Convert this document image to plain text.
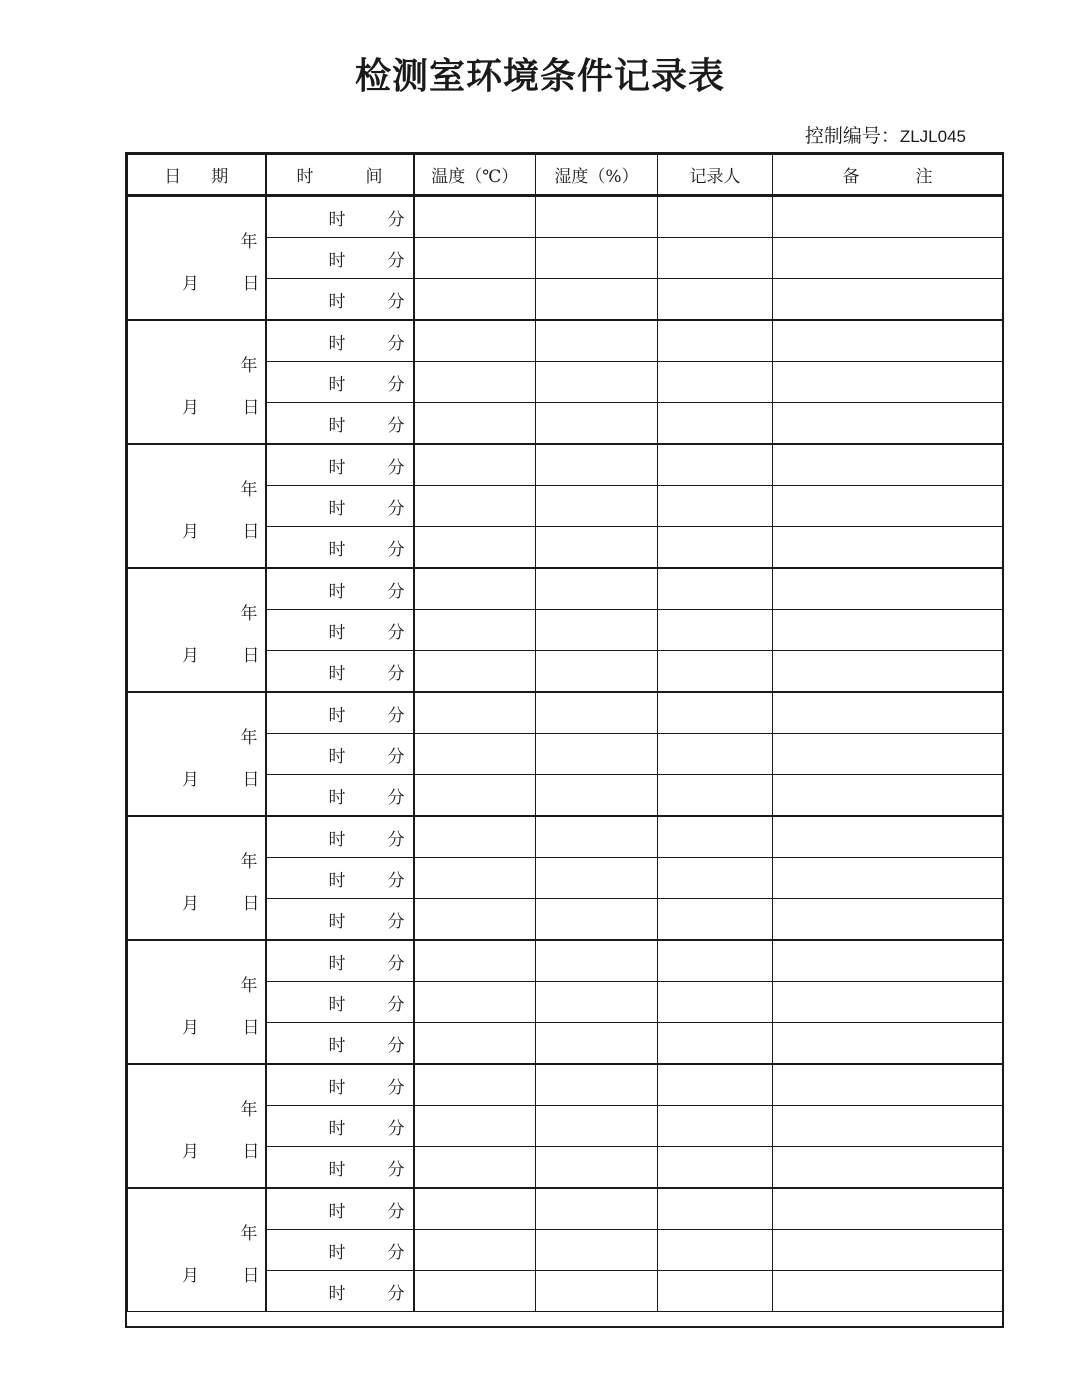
检测室环境条件记录表
控制编号：ZLJL045
日 期	时 间	温度（℃）	湿度（%）	记录人	备 注

年
月 日	时 分				

	时 分				

	时 分				

年
月 日	时 分				

	时 分				

	时 分				

年
月 日	时 分				

	时 分				

	时 分				

年
月 日	时 分				

	时 分				

	时 分				

年
月 日	时 分				

	时 分				

	时 分				

年
月 日	时 分				

	时 分				

	时 分				

年
月 日	时 分				

	时 分				

	时 分				

年
月 日	时 分				

	时 分				

	时 分				

年
月 日	时 分				

	时 分				

	时 分				
